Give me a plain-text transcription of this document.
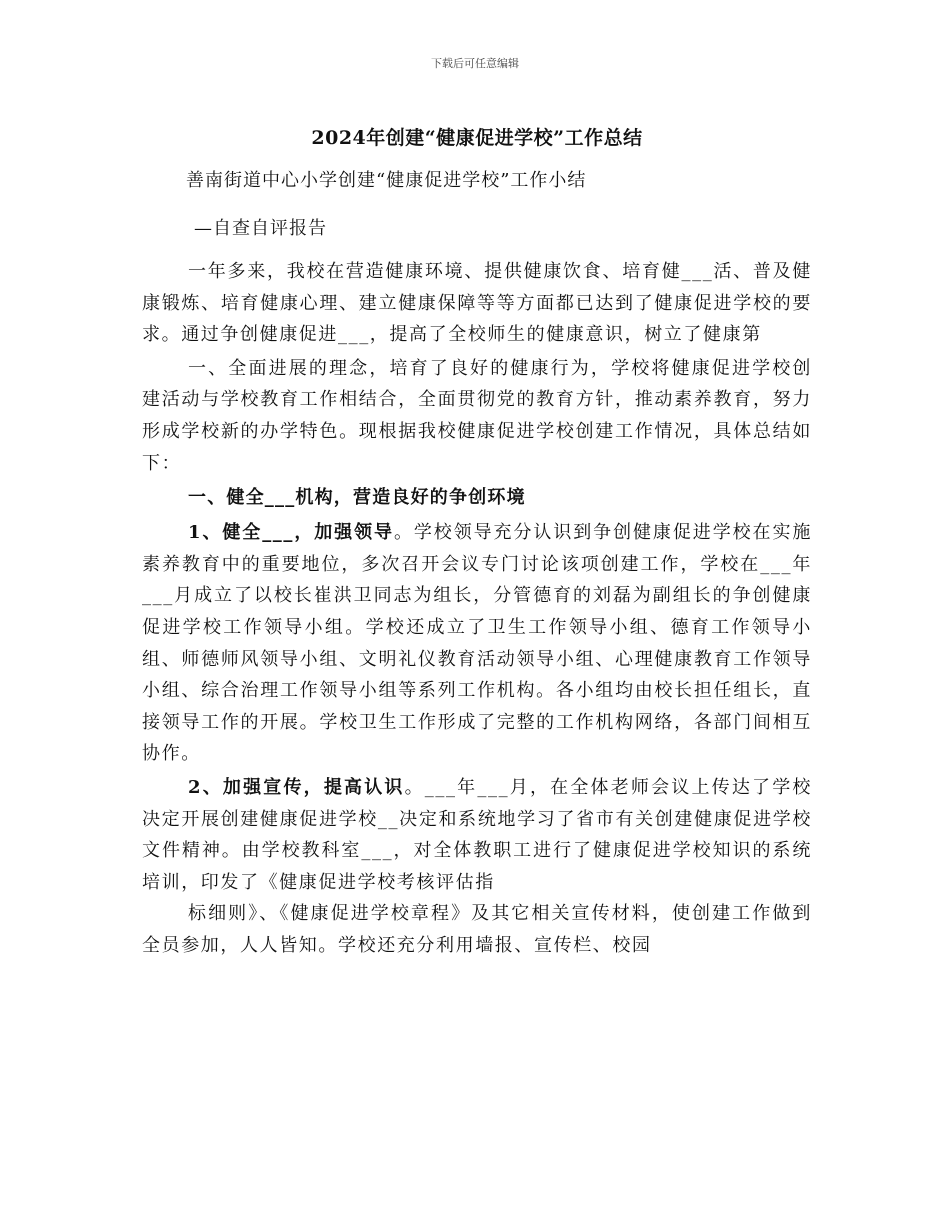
下载后可任意编辑

2024年创建“健康促进学校”工作总结

善南街道中心小学创建“健康促进学校”工作小结

—自查自评报告

一年多来，我校在营造健康环境、提供健康饮食、培育健___活、普及健康锻炼、培育健康心理、建立健康保障等等方面都已达到了健康促进学校的要求。通过争创健康促进___，提高了全校师生的健康意识，树立了健康第

一、全面进展的理念，培育了良好的健康行为，学校将健康促进学校创建活动与学校教育工作相结合，全面贯彻党的教育方针，推动素养教育，努力形成学校新的办学特色。现根据我校健康促进学校创建工作情况，具体总结如下：

一、健全___机构，营造良好的争创环境

1、健全___，加强领导。学校领导充分认识到争创健康促进学校在实施素养教育中的重要地位，多次召开会议专门讨论该项创建工作，学校在___年___月成立了以校长崔洪卫同志为组长，分管德育的刘磊为副组长的争创健康促进学校工作领导小组。学校还成立了卫生工作领导小组、德育工作领导小组、师德师风领导小组、文明礼仪教育活动领导小组、心理健康教育工作领导小组、综合治理工作领导小组等系列工作机构。各小组均由校长担任组长，直接领导工作的开展。学校卫生工作形成了完整的工作机构网络，各部门间相互协作。

2、加强宣传，提高认识。___年___月，在全体老师会议上传达了学校决定开展创建健康促进学校__决定和系统地学习了省市有关创建健康促进学校文件精神。由学校教科室___，对全体教职工进行了健康促进学校知识的系统培训，印发了《健康促进学校考核评估指

标细则》、《健康促进学校章程》及其它相关宣传材料，使创建工作做到全员参加，人人皆知。学校还充分利用墙报、宣传栏、校园
